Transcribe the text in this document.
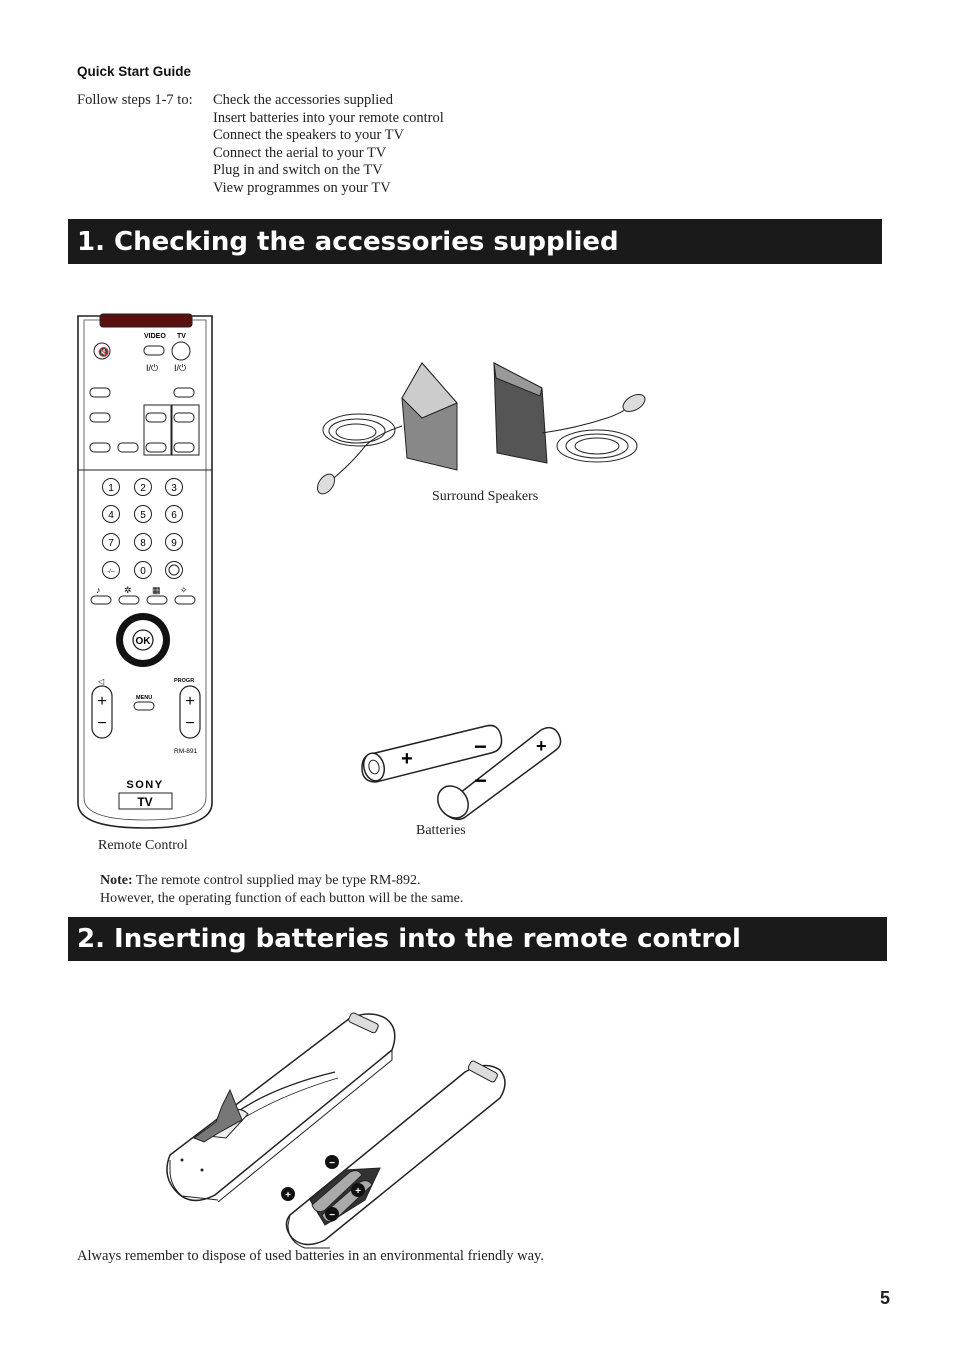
Quick Start Guide
Follow steps 1-7 to: Check the accessories supplied
Insert batteries into your remote control
Connect the speakers to your TV
Connect the aerial to your TV
Plug in and switch on the TV
View programmes on your TV
1. Checking the accessories supplied
🔇
VIDEO TV
I/⏻ I/⏻
1	2	3
4	5	6
7	8	9
-/--	0
♪	✲ ▦ ✧
OK
◁	PROGR
+
−
+
−
MENU
RM-891
SONY
TV
Remote Control
Surround Speakers
+	−	+
−
Batteries
Note: The remote control supplied may be type RM-892.
However, the operating function of each button will be the same.
2. Inserting batteries into the remote control
−
+	+
−
Always remember to dispose of used batteries in an environmental friendly way.
5
